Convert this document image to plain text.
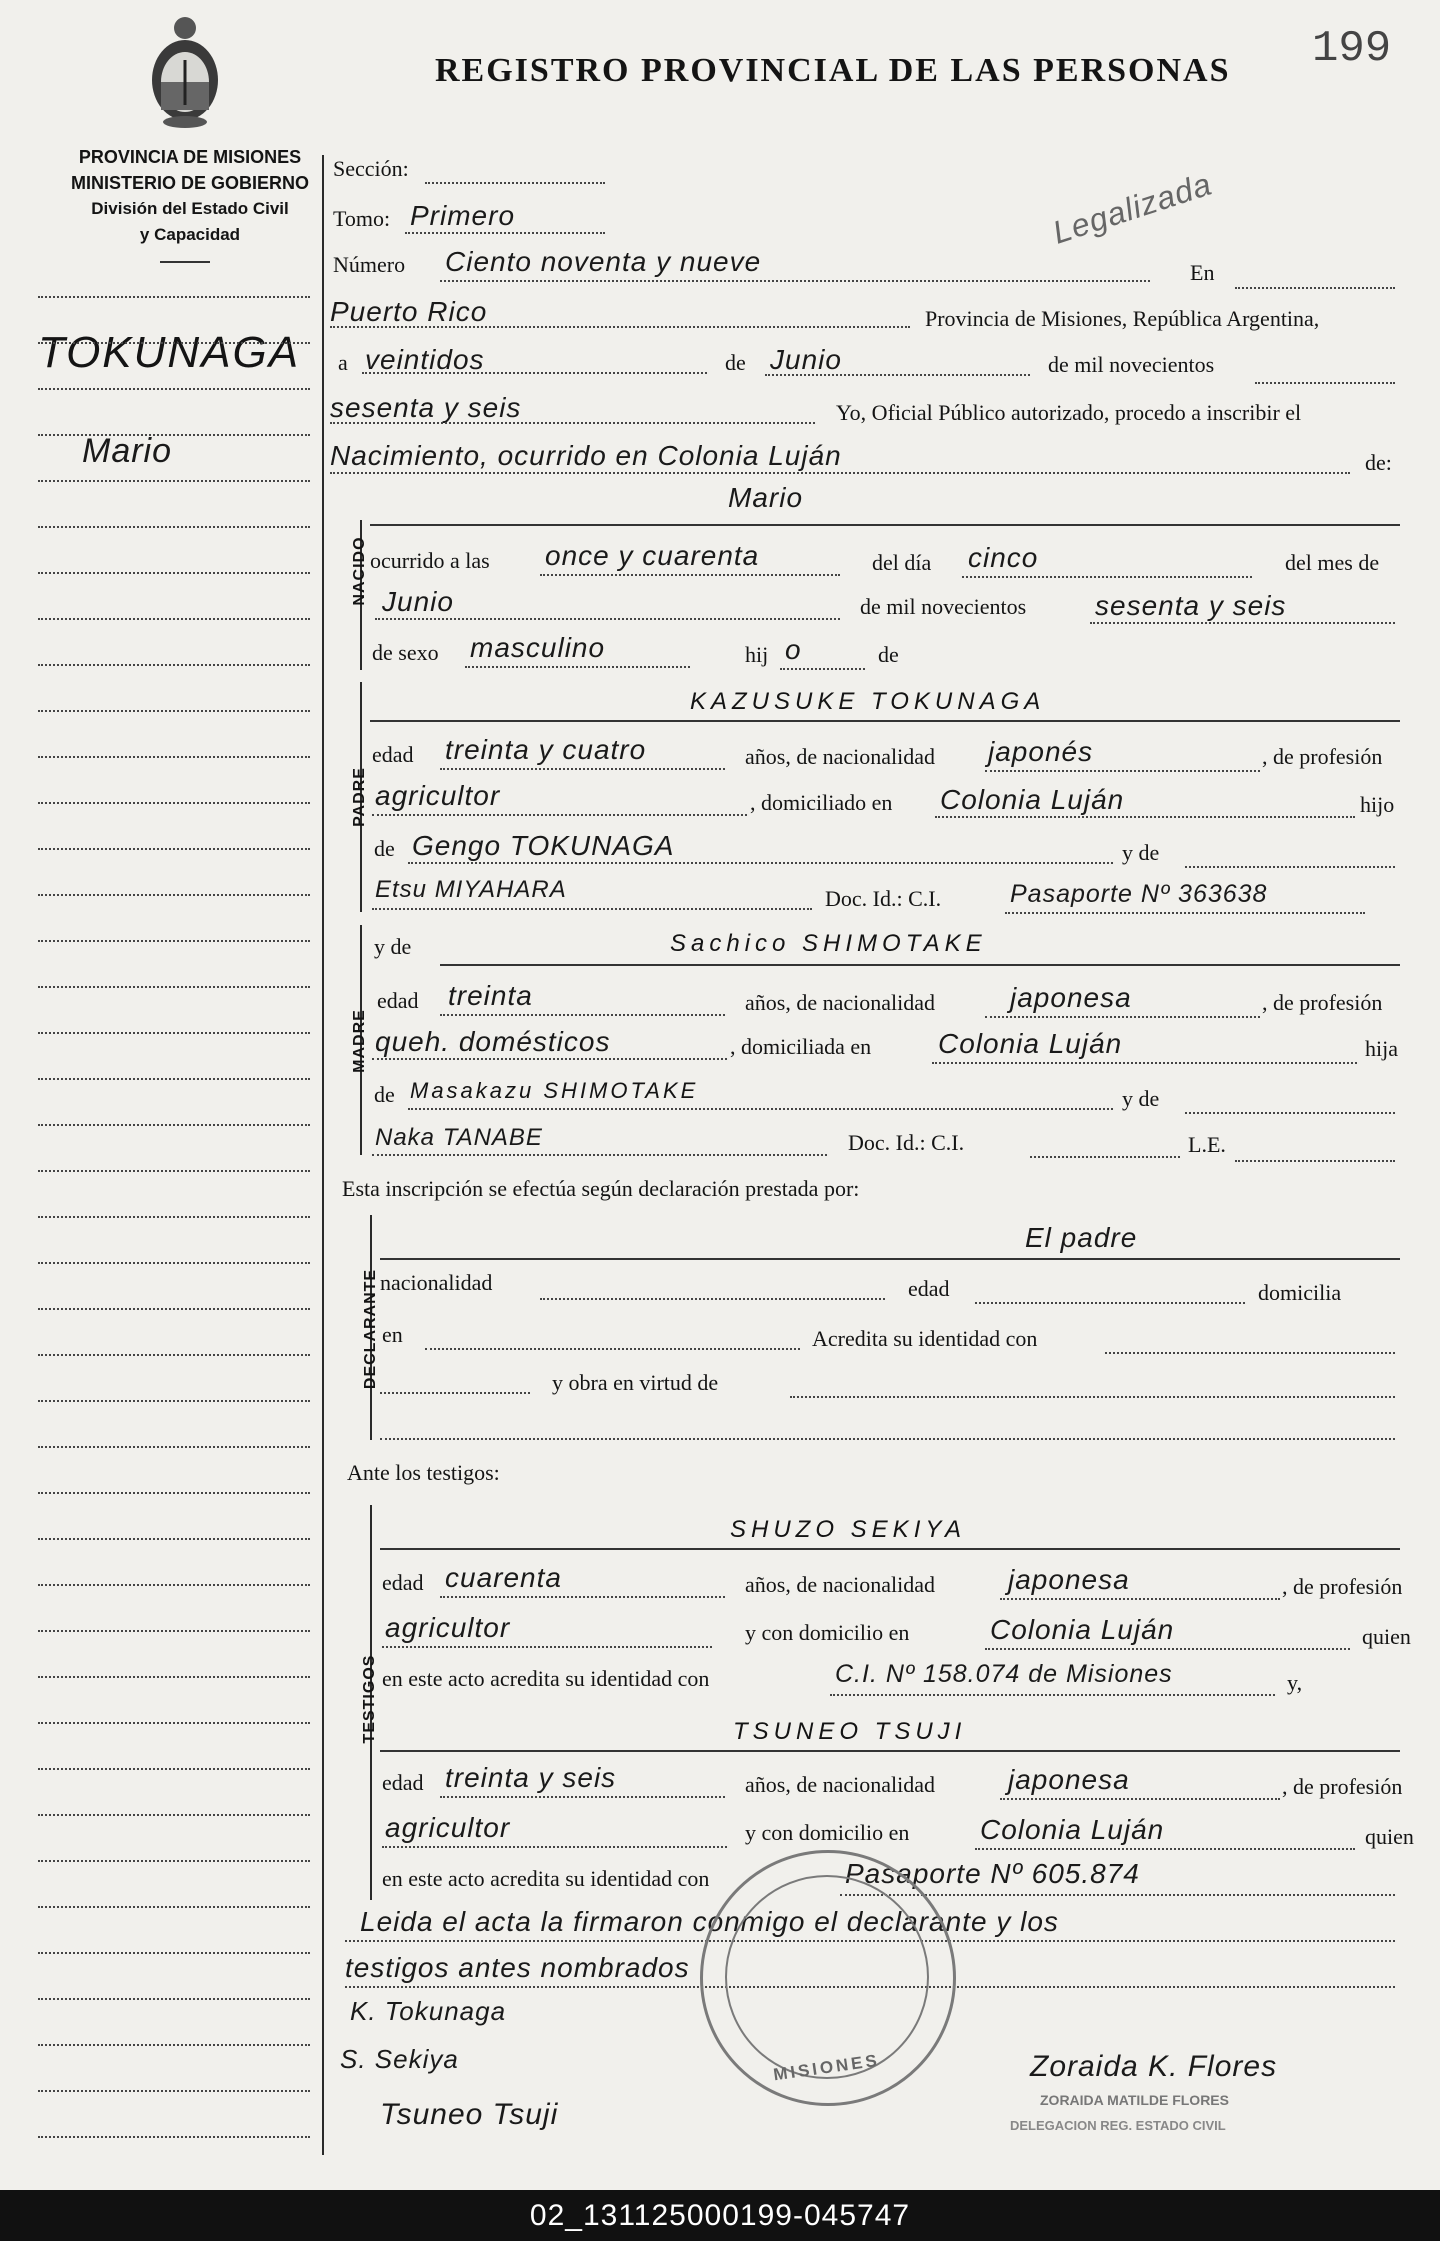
REGISTRO PROVINCIAL DE LAS PERSONAS 199
PROVINCIA DE MISIONES
MINISTERIO DE GOBIERNO
División del Estado Civil
y Capacidad	Legalizada
TOKUNAGA
Mario
Sección:
Tomo: Primero
Número Ciento noventa y nueve	En
Puerto Rico	Provincia de Misiones, República Argentina,
a veintidos	de Junio	de mil novecientos
sesenta y seis	Yo, Oficial Público autorizado, procedo a inscribir el
Nacimiento, ocurrido en Colonia Luján	de:
NACIDO
Mario
ocurrido a las once y cuarenta	del día cinco	del mes de
Junio	de mil novecientos sesenta y seis
de sexo masculino	hij o	de
PADRE
KAZUSUKE TOKUNAGA
edad treinta y cuatro	años, de nacionalidad japonés	, de profesión
agricultor	, domiciliado en Colonia Luján	hijo
de Gengo TOKUNAGA	y de
Etsu MIYAHARA	Doc. Id.: C.I.	Pasaporte Nº 363638
MADRE
y de	Sachico SHIMOTAKE
edad treinta	años, de nacionalidad	japonesa	, de profesión
queh. domésticos	, domiciliada en Colonia Luján	hija
de Masakazu SHIMOTAKE	y de
Naka TANABE	Doc. Id.: C.I.	L.E.
Esta inscripción se efectúa según declaración prestada por:
DECLARANTE
El padre
nacionalidad	edad	domicilia
en	Acredita su identidad con
y obra en virtud de
Ante los testigos:
TESTIGOS
SHUZO SEKIYA
edad cuarenta	años, de nacionalidad	japonesa	, de profesión
agricultor	y con domicilio en	Colonia Luján	quien
en este acto acredita su identidad con	C.I. Nº 158.074 de Misiones	y,
TSUNEO TSUJI
edad treinta y seis	años, de nacionalidad	japonesa	, de profesión
agricultor	y con domicilio en	Colonia Luján	quien
en este acto acredita su identidad con	Pasaporte Nº 605.874
Leida el acta la firmaron conmigo el declarante y los
testigos antes nombrados
MISIONES
K. Tokunaga
S. Sekiya
Tsuneo Tsuji
Zoraida K. Flores
ZORAIDA MATILDE FLORES
DELEGACION REG. ESTADO CIVIL
02_131125000199-045747
